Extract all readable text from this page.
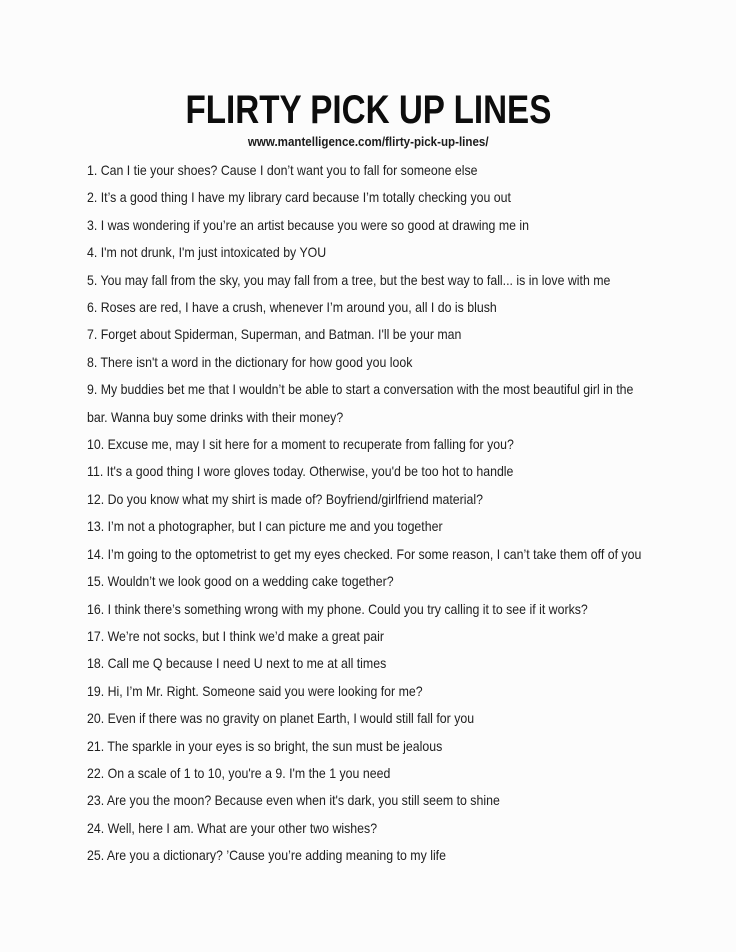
FLIRTY PICK UP LINES
www.mantelligence.com/flirty-pick-up-lines/

1. Can I tie your shoes? Cause I don’t want you to fall for someone else

2. It’s a good thing I have my library card because I’m totally checking you out

3. I was wondering if you’re an artist because you were so good at drawing me in

4. I'm not drunk, I'm just intoxicated by YOU

5. You may fall from the sky, you may fall from a tree, but the best way to fall... is in love with me

6. Roses are red, I have a crush, whenever I’m around you, all I do is blush

7. Forget about Spiderman, Superman, and Batman. I'll be your man

8. There isn't a word in the dictionary for how good you look

9. My buddies bet me that I wouldn’t be able to start a conversation with the most beautiful girl in the bar. Wanna buy some drinks with their money?

10. Excuse me, may I sit here for a moment to recuperate from falling for you?

11. It's a good thing I wore gloves today. Otherwise, you'd be too hot to handle

12. Do you know what my shirt is made of? Boyfriend/girlfriend material?

13. I’m not a photographer, but I can picture me and you together

14. I’m going to the optometrist to get my eyes checked. For some reason, I can’t take them off of you

15. Wouldn’t we look good on a wedding cake together?

16. I think there’s something wrong with my phone. Could you try calling it to see if it works?

17. We’re not socks, but I think we’d make a great pair

18. Call me Q because I need U next to me at all times

19. Hi, I’m Mr. Right. Someone said you were looking for me?

20. Even if there was no gravity on planet Earth, I would still fall for you

21. The sparkle in your eyes is so bright, the sun must be jealous

22. On a scale of 1 to 10, you're a 9. I'm the 1 you need

23. Are you the moon? Because even when it's dark, you still seem to shine

24. Well, here I am. What are your other two wishes?

25. Are you a dictionary? ’Cause you’re adding meaning to my life
